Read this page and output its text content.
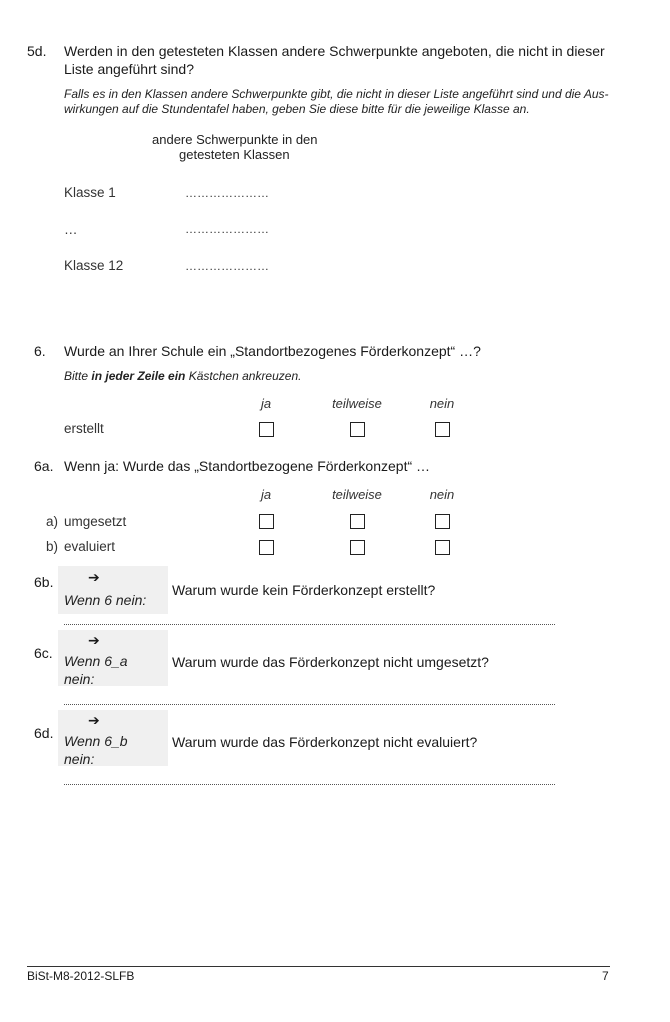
5d. Werden in den getesteten Klassen andere Schwerpunkte angeboten, die nicht in dieser
Liste angeführt sind?
Falls es in den Klassen andere Schwerpunkte gibt, die nicht in dieser Liste angeführt sind und die Aus-
wirkungen auf die Stundentafel haben, geben Sie diese bitte für die jeweilige Klasse an.
andere Schwerpunkte in den
getesteten Klassen
Klasse 1	…………………
…	…………………
Klasse 12	…………………
6. Wurde an Ihrer Schule ein „Standortbezogenes Förderkonzept“ …?
Bitte in jeder Zeile ein Kästchen ankreuzen.
ja	teilweise	nein
erstellt
6a. Wenn ja: Wurde das „Standortbezogene Förderkonzept“ …
ja	teilweise	nein
a) umgesetzt
b) evaluiert
6b. ➔
Wenn 6 nein:
Warum wurde kein Förderkonzept erstellt?
6c.
➔
Wenn 6_a
nein:
Warum wurde das Förderkonzept nicht umgesetzt?
6d.
➔
Wenn 6_b
nein:
Warum wurde das Förderkonzept nicht evaluiert?
BiSt-M8-2012-SLFB	7
